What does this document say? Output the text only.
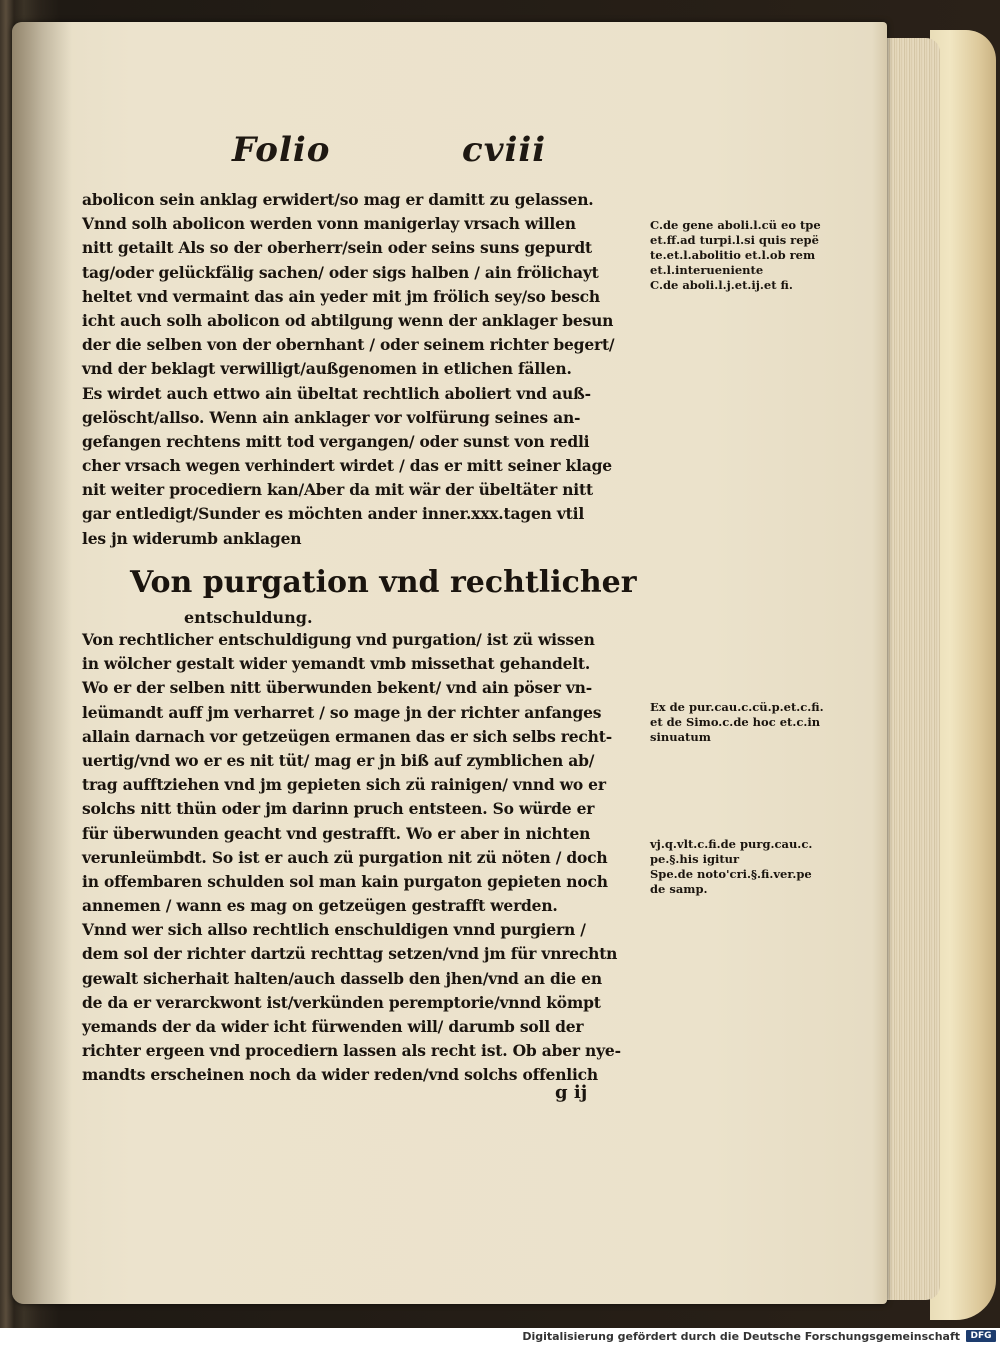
Folio	cviii
abolicon sein anklag erwidert/so mag er damitt zu gelassen.
Vnnd solh abolicon werden vonn manigerlay vrsach willen
nitt getailt Als so der oberherr/sein oder seins suns gepurdt
tag/oder gelückfälig sachen/ oder sigs halben / ain frölichayt
heltet vnd vermaint das ain yeder mit jm frölich sey/so besch
icht auch solh abolicon od abtilgung wenn der anklager besun
der die selben von der obernhant / oder seinem richter begert/
vnd der beklagt verwilligt/außgenomen in etlichen fällen.
Es wirdet auch ettwo ain übeltat rechtlich aboliert vnd auß-
gelöscht/allso. Wenn ain anklager vor volfürung seines an-
gefangen rechtens mitt tod vergangen/ oder sunst von redli
cher vrsach wegen verhindert wirdet / das er mitt seiner klage
nit weiter procediern kan/Aber da mit wär der übeltäter nitt
gar entledigt/Sunder es möchten ander inner.xxx.tagen vtil
les jn widerumb anklagen
Von purgation vnd rechtlicher
entschuldung.
Von rechtlicher entschuldigung vnd purgation/ ist zü wissen
in wölcher gestalt wider yemandt vmb missethat gehandelt.
Wo er der selben nitt überwunden bekent/ vnd ain pöser vn-
leümandt auff jm verharret / so mage jn der richter anfanges
allain darnach vor getzeügen ermanen das er sich selbs recht-
uertig/vnd wo er es nit tüt/ mag er jn biß auf zymblichen ab/
trag aufftziehen vnd jm gepieten sich zü rainigen/ vnnd wo er
solchs nitt thün oder jm darinn pruch entsteen. So würde er
für überwunden geacht vnd gestrafft. Wo er aber in nichten
verunleümbdt. So ist er auch zü purgation nit zü nöten / doch
in offembaren schulden sol man kain purgaton gepieten noch
annemen / wann es mag on getzeügen gestrafft werden.
Vnnd wer sich allso rechtlich enschuldigen vnnd purgiern /
dem sol der richter dartzü rechttag setzen/vnd jm für vnrechtn
gewalt sicherhait halten/auch dasselb den jhen/vnd an die en
de da er verarckwont ist/verkünden peremptorie/vnnd kömpt
yemands der da wider icht fürwenden will/ darumb soll der
richter ergeen vnd procediern lassen als recht ist. Ob aber nye-
mandts erscheinen noch da wider reden/vnd solchs offenlich
C.de gene aboli.l.cü eo tpe
et.ff.ad turpi.l.si quis repë
te.et.l.abolitio et.l.ob rem
et.l.interueniente
C.de aboli.l.j.et.ij.et fi.
Ex de pur.cau.c.cü.p.et.c.fi.
et de Simo.c.de hoc et.c.in
sinuatum
vj.q.vlt.c.fi.de purg.cau.c.
pe.§.his igitur
Spe.de noto'cri.§.fi.ver.pe
de samp.
g ij
Digitalisierung gefördert durch die Deutsche Forschungsgemeinschaft	DFG
